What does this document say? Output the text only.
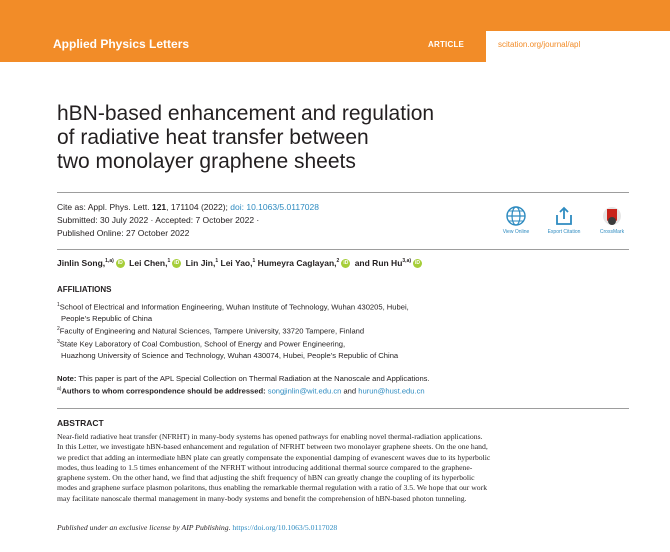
Applied Physics Letters	ARTICLE	scitation.org/journal/apl
hBN-based enhancement and regulation
of radiative heat transfer between
two monolayer graphene sheets
Cite as: Appl. Phys. Lett. 121, 171104 (2022); doi: 10.1063/5.0117028
Submitted: 30 July 2022 · Accepted: 7 October 2022 ·
Published Online: 27 October 2022	View Online	Export Citation	CrossMark
Jinlin Song,$^{1,a)}$ iD Lei Chen,$^1$ iD Lin Jin,$^1$ Lei Yao,$^1$ Humeyra Caglayan,$^2$ iD and Run Hu$^{3,a)}$ iD
AFFILIATIONS
$^1$School of Electrical and Information Engineering, Wuhan Institute of Technology, Wuhan 430205, Hubei,
People’s Republic of China
$^2$Faculty of Engineering and Natural Sciences, Tampere University, 33720 Tampere, Finland
$^3$State Key Laboratory of Coal Combustion, School of Energy and Power Engineering,
Huazhong University of Science and Technology, Wuhan 430074, Hubei, People’s Republic of China
Note: This paper is part of the APL Special Collection on Thermal Radiation at the Nanoscale and Applications.
$^{a)}$Authors to whom correspondence should be addressed: songjinlin@wit.edu.cn and hurun@hust.edu.cn
ABSTRACT
Near-field radiative heat transfer (NFRHT) in many-body systems has opened pathways for enabling novel thermal-radiation applications.
In this Letter, we investigate hBN-based enhancement and regulation of NFRHT between two monolayer graphene sheets. On the one hand,
we predict that adding an intermediate hBN plate can greatly compensate the exponential damping of evanescent waves due to its hyperbolic
modes, thus leading to 1.5 times enhancement of the NFRHT without introducing additional thermal source compared to the graphene-
graphene system. On the other hand, we find that adjusting the shift frequency of hBN can greatly change the coupling of its hyperbolic
modes and graphene surface plasmon polaritons, thus enabling the remarkable thermal regulation with a ratio of 3.5. We hope that our work
may facilitate nanoscale thermal management in many-body systems and benefit the comprehension of hBN-based photon tunneling.
Published under an exclusive license by AIP Publishing. https://doi.org/10.1063/5.0117028
